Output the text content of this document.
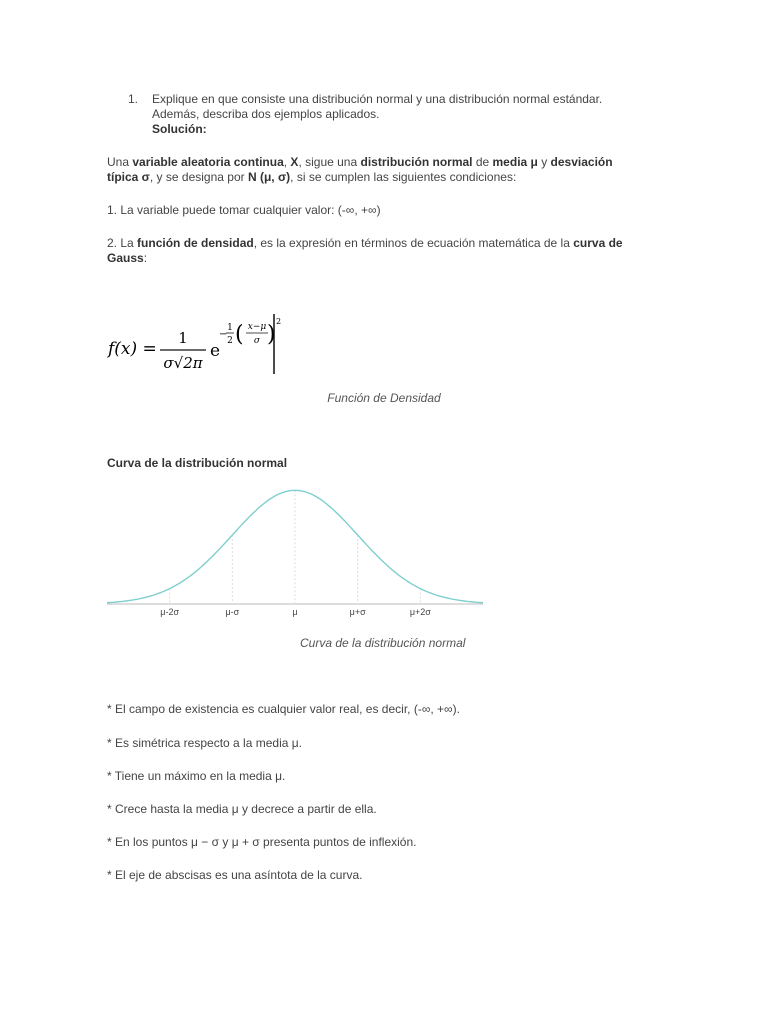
1. Explique en que consiste una distribución normal y una distribución normal estándar.
Además, describa dos ejemplos aplicados.
Solución:
Una variable aleatoria continua, X, sigue una distribución normal de media μ y desviación
típica σ, y se designa por N (μ, σ), si se cumplen las siguientes condiciones:
1. La variable puede tomar cualquier valor: (-∞, +∞)
2. La función de densidad, es la expresión en términos de ecuación matemática de la curva de
Gauss:
f(x) =
1
σ√2π
e
−
1
2 ( x−μ
σ )
2
Función de Densidad
Curva de la distribución normal
μ-2σ	μ-σ	μ	μ+σ	μ+2σ
Curva de la distribución normal
* El campo de existencia es cualquier valor real, es decir, (-∞, +∞).
* Es simétrica respecto a la media μ.
* Tiene un máximo en la media μ.
* Crece hasta la media μ y decrece a partir de ella.
* En los puntos μ − σ y μ + σ presenta puntos de inflexión.
* El eje de abscisas es una asíntota de la curva.
